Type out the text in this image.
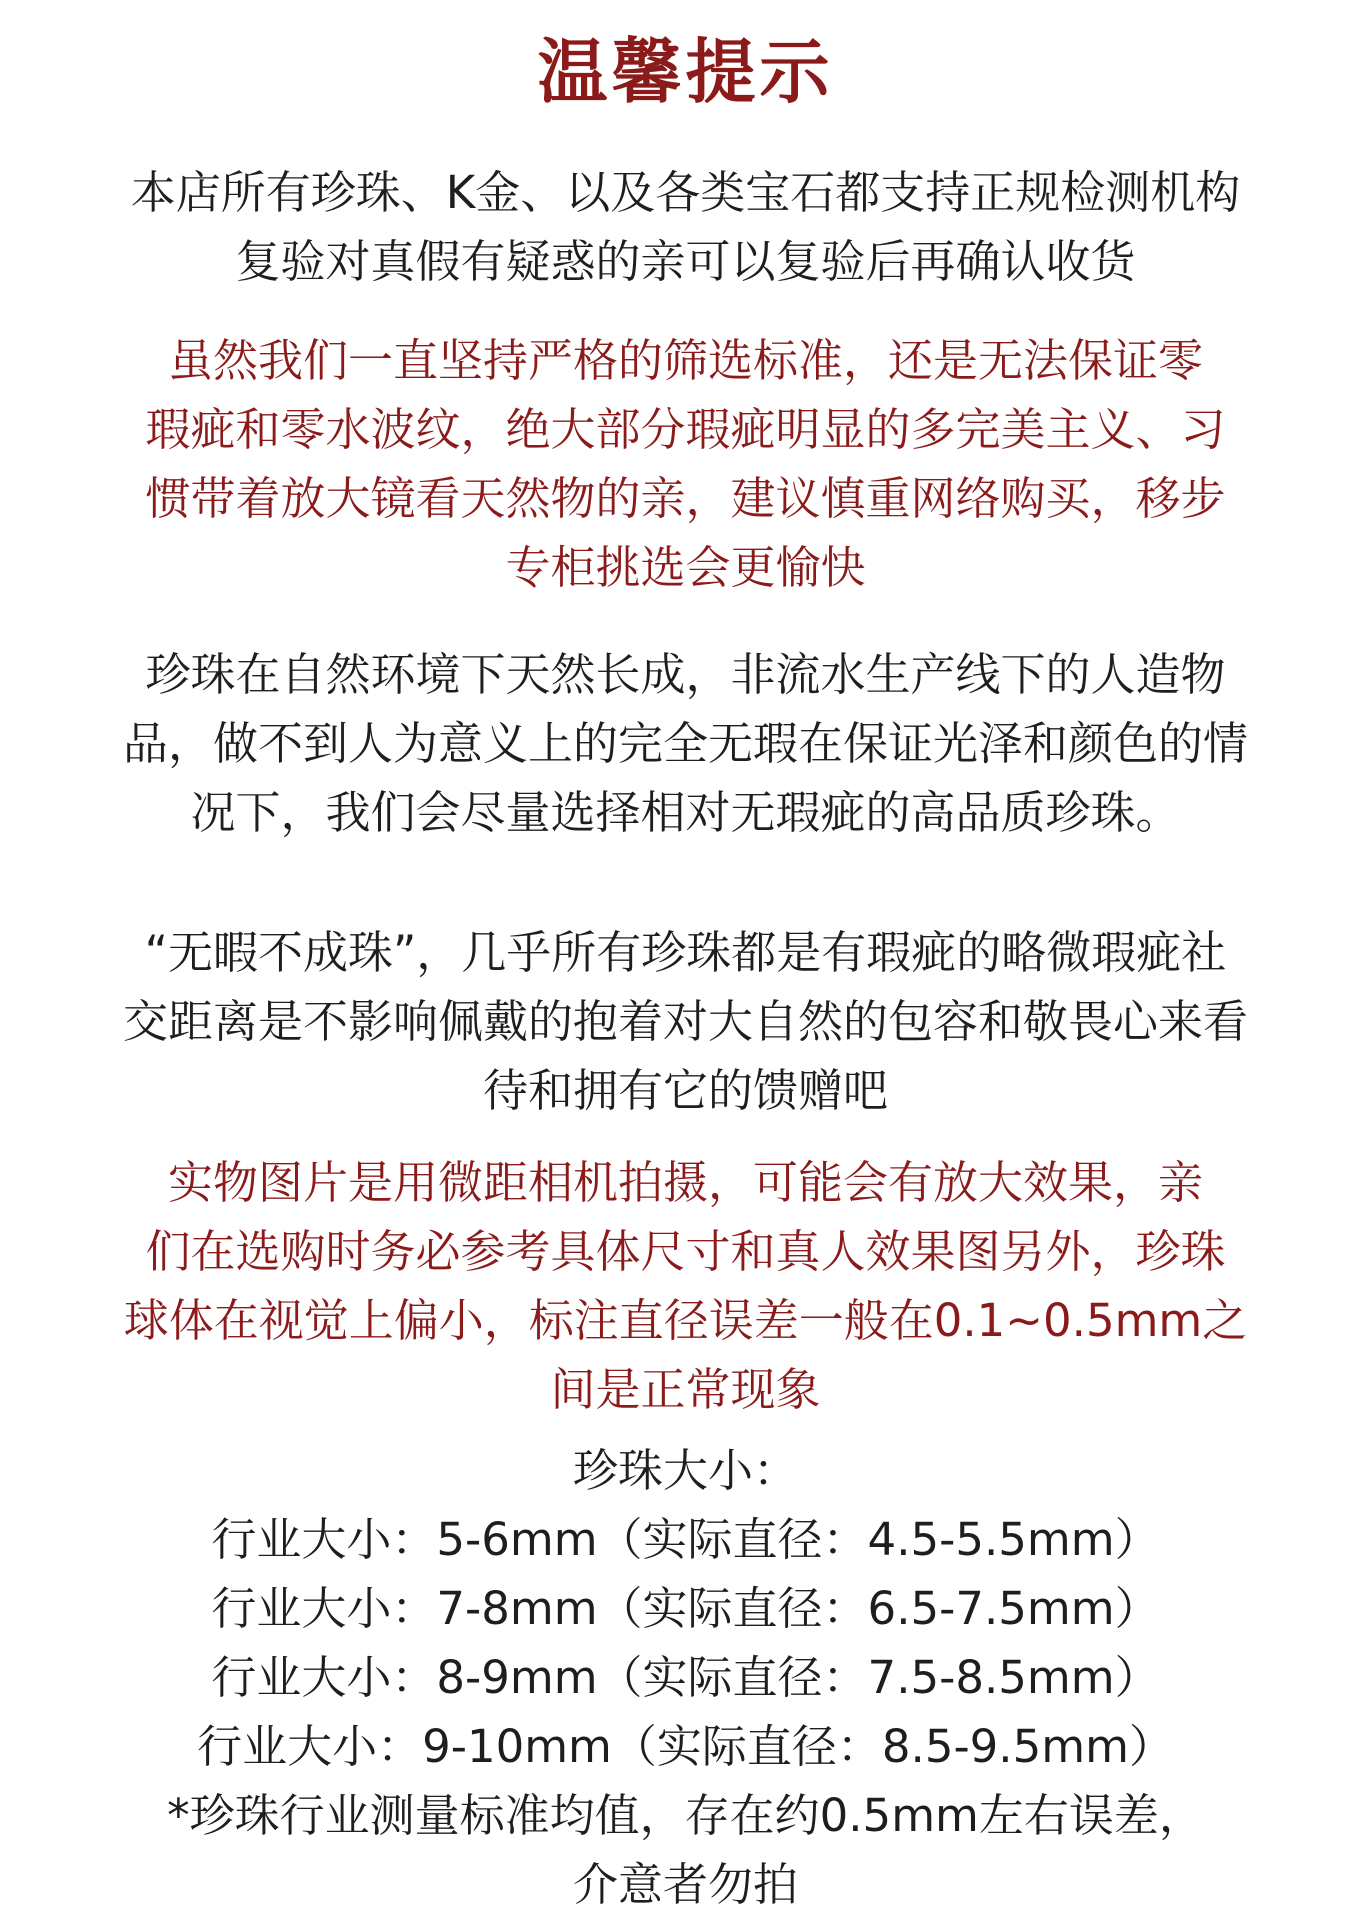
温馨提示
本店所有珍珠、K金、以及各类宝石都支持正规检测机构
复验对真假有疑惑的亲可以复验后再确认收货
虽然我们一直坚持严格的筛选标准，还是无法保证零
瑕疵和零水波纹，绝大部分瑕疵明显的多完美主义、习
惯带着放大镜看天然物的亲，建议慎重网络购买，移步
专柜挑选会更愉快
珍珠在自然环境下天然长成，非流水生产线下的人造物
品，做不到人为意义上的完全无瑕在保证光泽和颜色的情
况下，我们会尽量选择相对无瑕疵的高品质珍珠。
“无暇不成珠”，几乎所有珍珠都是有瑕疵的略微瑕疵社
交距离是不影响佩戴的抱着对大自然的包容和敬畏心来看
待和拥有它的馈赠吧
实物图片是用微距相机拍摄，可能会有放大效果，亲
们在选购时务必参考具体尺寸和真人效果图另外，珍珠
球体在视觉上偏小，标注直径误差一般在0.1~0.5mm之
间是正常现象
珍珠大小：
行业大小：5-6mm（实际直径：4.5-5.5mm）
行业大小：7-8mm（实际直径：6.5-7.5mm）
行业大小：8-9mm（实际直径：7.5-8.5mm）
行业大小：9-10mm（实际直径：8.5-9.5mm）
*珍珠行业测量标准均值，存在约0.5mm左右误差，
介意者勿拍
